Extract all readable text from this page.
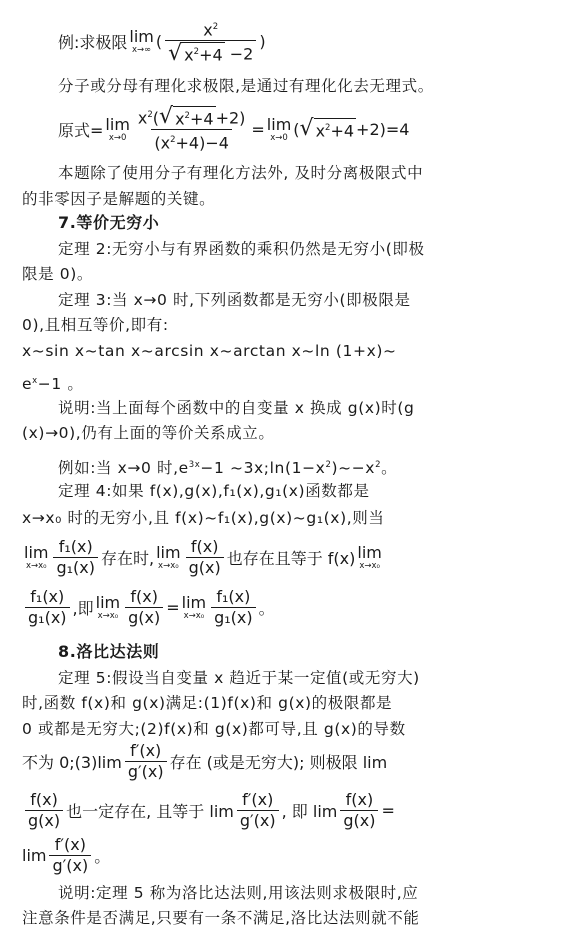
例:求极限 lim
x→∞ ( $\frac{x^2}{√ x^2+4 -2}$ )
分子或分母有理化求极限,是通过有理化化去无理式。
原式= lim
$x\to 0 \frac{x^2( √ x^2+4 +2)}{(x^2+4)-4} = \lim$
x→0 ( √ $x^2+4 +2)=4$
本题除了使用分子有理化方法外, 及时分离极限式中
的非零因子是解题的关键。
7.等价无穷小
定理 2:无穷小与有界函数的乘积仍然是无穷小(即极
限是 0)。
定理 3:当 x→0 时,下列函数都是无穷小(即极限是
0),且相互等价,即有:
x~sin x~tan x~arcsin x~arctan x~ln (1+x)~
$e^x-1$ 。
说明:当上面每个函数中的自变量 x 换成 g(x)时(g
(x)→0),仍有上面的等价关系成立。
例如:当 x→0 时$,e^{3x}-1$ $\sim 3x;\ln(1-x^2)\sim-x^2$。
定理 4:如果 f(x),g(x),f₁(x),g₁(x)函数都是
x→x₀ 时的无穷小,且 f(x)~f₁(x),g(x)~g₁(x),则当
lim
$x\to x_0 \frac{\text{f₁(x)}}{\text{g₁(x)}}$ 存在时, lim
$x\to x_0 \frac{f(x)}{g(x)}$ 也存在且等于 f(x) lim
x→x₀
$\frac{\text{f₁(x)}}{\text{g₁(x)}}$ ,即 lim
$x\to x_0 \frac{f(x)}{g(x)} = \lim$
$x\to x_0 \frac{\text{f₁(x)}}{\text{g₁(x)}}$ 。
8.洛比达法则
定理 5:假设当自变量 x 趋近于某一定值(或无穷大)
时,函数 f(x)和 g(x)满足:(1)f(x)和 g(x)的极限都是
0 或都是无穷大;(2)f(x)和 g(x)都可导,且 g(x)的导数
不为 0;(3)lim $\frac{f'(x)}{g'(x)}$ 存在 (或是无穷大); 则极限 lim
$\frac{f(x)}{g(x)}$ 也一定存在, 且等于 $\lim \frac{f'(x)}{g'(x)}$ , 即 $\lim \frac{f(x)}{g(x)}$ =
$\lim \frac{f'(x)}{g'(x)}$ 。
说明:定理 5 称为洛比达法则,用该法则求极限时,应
注意条件是否满足,只要有一条不满足,洛比达法则就不能
